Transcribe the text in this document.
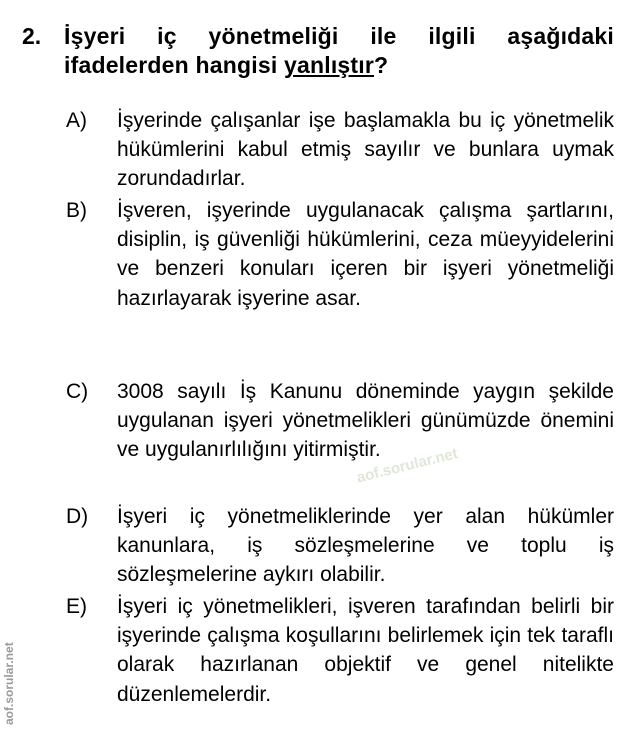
2. İşyeri iç yönetmeliği ile ilgili aşağıdaki
ifadelerden hangisi yanlıştır?
A) İşyerinde çalışanlar işe başlamakla bu iç yönetmelik hükümlerini kabul etmiş sayılır ve bunlara uymak zorundadırlar.
B) İşveren, işyerinde uygulanacak çalışma şartlarını, disiplin, iş güvenliği hükümlerini, ceza müeyyidelerini ve benzeri konuları içeren bir işyeri yönetmeliği hazırlayarak işyerine asar.
C) 3008 sayılı İş Kanunu döneminde yaygın şekilde uygulanan işyeri yönetmelikleri günümüzde önemini ve uygulanırlılığını yitirmiştir.
D) İşyeri iç yönetmeliklerinde yer alan hükümler kanunlara, iş sözleşmelerine ve toplu iş sözleşmelerine aykırı olabilir.
E) İşyeri iç yönetmelikleri, işveren tarafından belirli bir işyerinde çalışma koşullarını belirlemek için tek taraflı olarak hazırlanan objektif ve genel nitelikte düzenlemelerdir.
aof.sorular.net
aof.sorular.net
